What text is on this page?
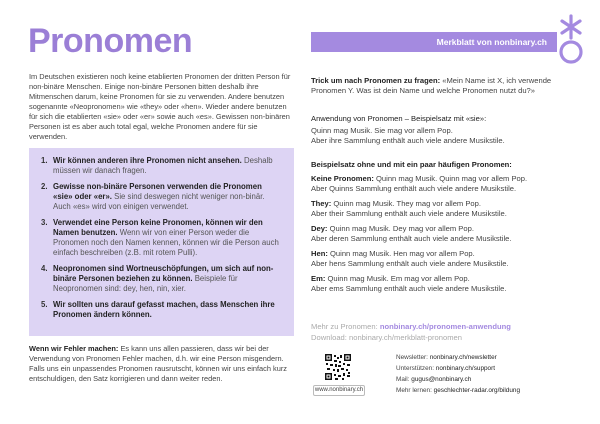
Pronomen

Im Deutschen existieren noch keine etablierten Pronomen der dritten Person für non-binäre Menschen. Einige non-binäre Personen bitten deshalb ihre Mitmenschen darum, keine Pronomen für sie zu verwenden. Andere benutzen sogenannte «Neopronomen» wie «they» oder «hen». Wieder andere benutzen für sich die etablierten «sie» oder «er» sowie auch «es». Gewissen non-binären Personen ist es aber auch total egal, welche Pronomen andere für sie verwenden.

1. Wir können anderen ihre Pronomen nicht ansehen. Deshalb müssen wir danach fragen.
2. Gewisse non-binäre Personen verwenden die Pronomen «sie» oder «er». Sie sind deswegen nicht weniger non-binär. Auch «es» wird von einigen verwendet.
3. Verwendet eine Person keine Pronomen, können wir den Namen benutzen. Wenn wir von einer Person weder die Pronomen noch den Namen kennen, können wir die Person auch einfach beschreiben (z.B. mit rotem Pulli).
4. Neopronomen sind Wortneuschöpfungen, um sich auf non-binäre Personen beziehen zu können. Beispiele für Neopronomen sind: dey, hen, nin, xier.
5. Wir sollten uns darauf gefasst machen, dass Menschen ihre Pronomen ändern können.

Wenn wir Fehler machen: Es kann uns allen passieren, dass wir bei der Verwendung von Pronomen Fehler machen, d.h. wir eine Person misgendern. Falls uns ein unpassendes Pronomen rausrutscht, können wir uns einfach kurz entschuldigen, den Satz korrigieren und dann weiter reden.

Merkblatt von nonbinary.ch

Trick um nach Pronomen zu fragen: «Mein Name ist X, ich verwende Pronomen Y. Was ist dein Name und welche Pronomen nutzt du?»

Anwendung von Pronomen – Beispielsatz mit «sie»:

Quinn mag Musik. Sie mag vor allem Pop.
Aber ihre Sammlung enthält auch viele andere Musikstile.

Beispielsatz ohne und mit ein paar häufigen Pronomen:

Keine Pronomen: Quinn mag Musik. Quinn mag vor allem Pop.
Aber Quinns Sammlung enthält auch viele andere Musikstile.

They: Quinn mag Musik. They mag vor allem Pop.
Aber their Sammlung enthält auch viele andere Musikstile.

Dey: Quinn mag Musik. Dey mag vor allem Pop.
Aber deren Sammlung enthält auch viele andere Musikstile.

Hen: Quinn mag Musik. Hen mag vor allem Pop.
Aber hens Sammlung enthält auch viele andere Musikstile.

Em: Quinn mag Musik. Em mag vor allem Pop.
Aber ems Sammlung enthält auch viele andere Musikstile.

Mehr zu Pronomen: nonbinary.ch/pronomen-anwendung
Download: nonbinary.ch/merkblatt-pronomen

www.nonbinary.ch
Newsletter: nonbinary.ch/newsletter
Unterstützen: nonbinary.ch/support
Mail: gugus@nonbinary.ch
Mehr lernen: geschlechter-radar.org/bildung
